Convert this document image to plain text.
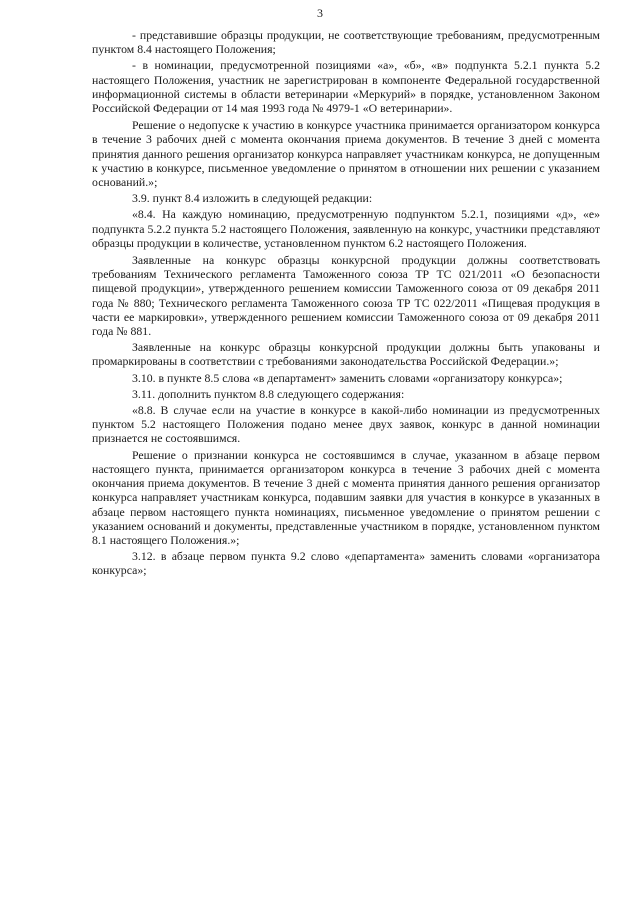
3

- представившие образцы продукции, не соответствующие требованиям, предусмотренным пунктом 8.4 настоящего Положения;

- в номинации, предусмотренной позициями «а», «б», «в» подпункта 5.2.1 пункта 5.2 настоящего Положения, участник не зарегистрирован в компоненте Федеральной государственной информационной системы в области ветеринарии «Меркурий» в порядке, установленном Законом Российской Федерации от 14 мая 1993 года № 4979-1 «О ветеринарии».

Решение о недопуске к участию в конкурсе участника принимается организатором конкурса в течение 3 рабочих дней с момента окончания приема документов. В течение 3 дней с момента принятия данного решения организатор конкурса направляет участникам конкурса, не допущенным к участию в конкурсе, письменное уведомление о принятом в отношении них решении с указанием оснований.»;

3.9. пункт 8.4 изложить в следующей редакции:

«8.4. На каждую номинацию, предусмотренную подпунктом 5.2.1, позициями «д», «е» подпункта 5.2.2 пункта 5.2 настоящего Положения, заявленную на конкурс, участники представляют образцы продукции в количестве, установленном пунктом 6.2 настоящего Положения.

Заявленные на конкурс образцы конкурсной продукции должны соответствовать требованиям Технического регламента Таможенного союза ТР ТС 021/2011 «О безопасности пищевой продукции», утвержденного решением комиссии Таможенного союза от 09 декабря 2011 года № 880; Технического регламента Таможенного союза ТР ТС 022/2011 «Пищевая продукция в части ее маркировки», утвержденного решением комиссии Таможенного союза от 09 декабря 2011 года № 881.

Заявленные на конкурс образцы конкурсной продукции должны быть упакованы и промаркированы в соответствии с требованиями законодательства Российской Федерации.»;

3.10. в пункте 8.5 слова «в департамент» заменить словами «организатору конкурса»;

3.11. дополнить пунктом 8.8 следующего содержания:

«8.8. В случае если на участие в конкурсе в какой-либо номинации из предусмотренных пунктом 5.2 настоящего Положения подано менее двух заявок, конкурс в данной номинации признается не состоявшимся.

Решение о признании конкурса не состоявшимся в случае, указанном в абзаце первом настоящего пункта, принимается организатором конкурса в течение 3 рабочих дней с момента окончания приема документов. В течение 3 дней с момента принятия данного решения организатор конкурса направляет участникам конкурса, подавшим заявки для участия в конкурсе в указанных в абзаце первом настоящего пункта номинациях, письменное уведомление о принятом решении с указанием оснований и документы, представленные участником в порядке, установленном пунктом 8.1 настоящего Положения.»;

3.12. в абзаце первом пункта 9.2 слово «департамента» заменить словами «организатора конкурса»;
